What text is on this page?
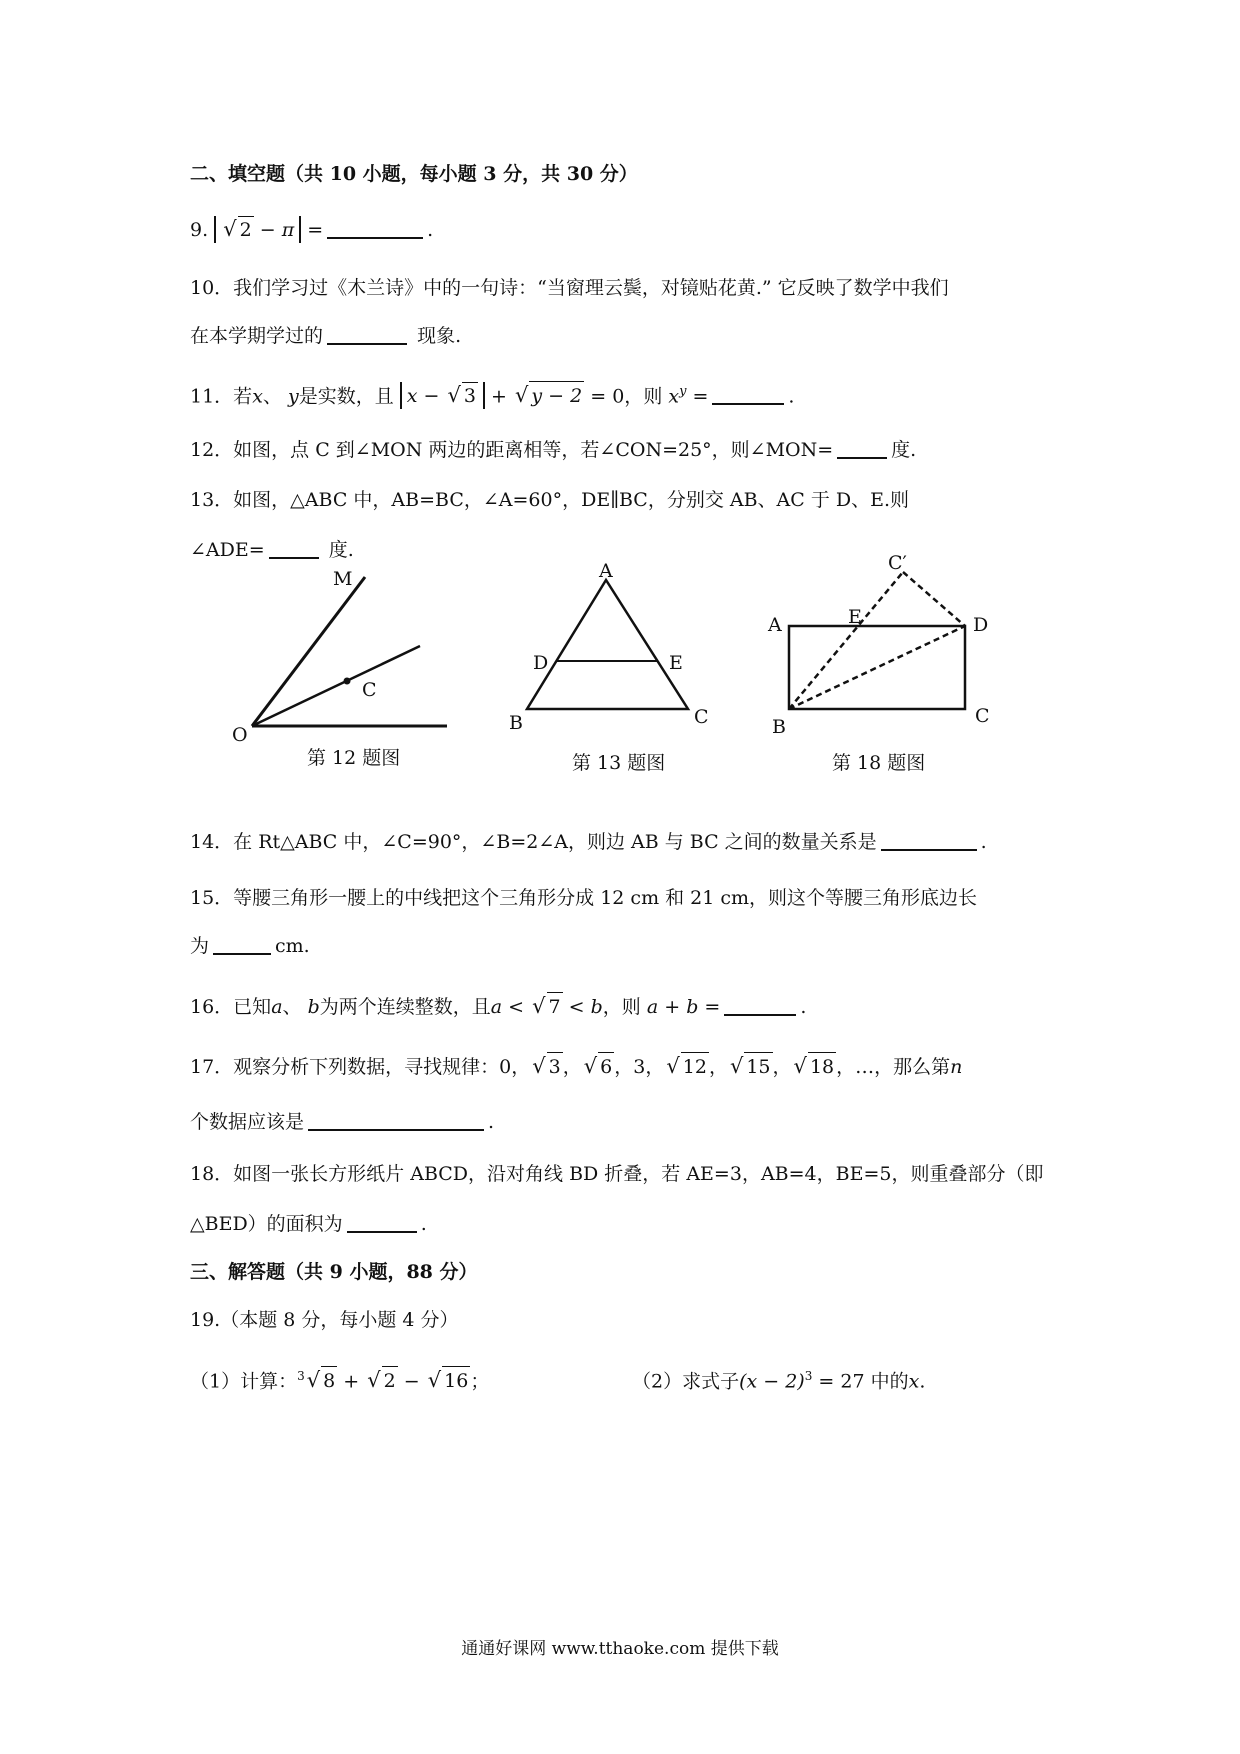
二、填空题（共 10 小题，每小题 3 分，共 30 分）
9. √ 2 − π =	.
10．我们学习过《木兰诗》中的一句诗：“当窗理云鬓，对镜贴花黄.” 它反映了数学中我们
在本学期学过的	现象.
11．若x、 y是实数，且 x − √ 3 + √ y − 2 = 0，则 $x^y$ =	.
12．如图，点 C 到∠MON 两边的距离相等，若∠CON=25°，则∠MON=	度.
13．如图，△ABC 中，AB=BC，∠A=60°，DE∥BC，分别交 AB、AC 于 D、E.则
∠ADE=	度.
M
C
O
A
B	C
D	E
A	E	D
C′
B	C
第 12 题图	第 13 题图	第 18 题图
14．在 Rt△ABC 中，∠C=90°，∠B=2∠A，则边 AB 与 BC 之间的数量关系是	.
15．等腰三角形一腰上的中线把这个三角形分成 12 cm 和 21 cm，则这个等腰三角形底边长
为	cm.
16．已知a、 b为两个连续整数，且a < √ 7 < b，则 a + b =	.
17．观察分析下列数据，寻找规律：0，√ 3 ，√ 6 ，3，√ 12 ，√ 15 ，√ 18 ，…，那么第n
个数据应该是	.
18．如图一张长方形纸片 ABCD，沿对角线 BD 折叠，若 AE=3，AB=4，BE=5，则重叠部分（即
△BED）的面积为	.
三、解答题（共 9 小题，88 分）
19.（本题 8 分，每小题 4 分）
（1）计算：$^3$√ 8 + √ 2 − √ 16 ；	（2）求式子$(x - 2)^3 = 27$ 中的x.
通通好课网 www.tthaoke.com 提供下载
